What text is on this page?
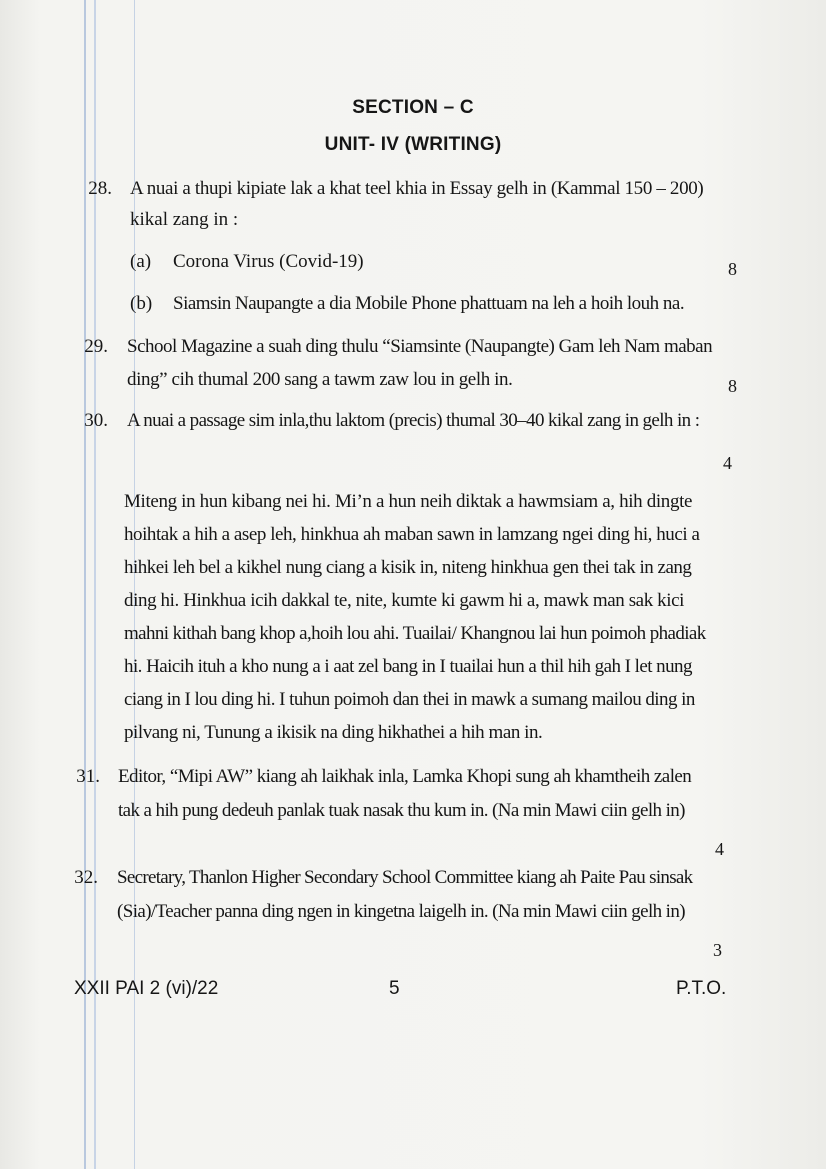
SECTION – C
UNIT- IV (WRITING)
28. A nuai a thupi kipiate lak a khat teel khia in Essay gelh in (Kammal 150 – 200)
kikal zang in :
(a) Corona Virus (Covid-19)	8
(b) Siamsin Naupangte a dia Mobile Phone phattuam na leh a hoih louh na.
29. School Magazine a suah ding thulu “Siamsinte (Naupangte) Gam leh Nam maban
ding” cih thumal 200 sang a tawm zaw lou in gelh in.	8
30. A nuai a passage sim inla,thu laktom (precis) thumal 30–40 kikal zang in gelh in :
4
Miteng in hun kibang nei hi. Mi’n a hun neih diktak a hawmsiam a, hih dingte
hoihtak a hih a asep leh, hinkhua ah maban sawn in lamzang ngei ding hi, huci a
hihkei leh bel a kikhel nung ciang a kisik in, niteng hinkhua gen thei tak in zang
ding hi. Hinkhua icih dakkal te, nite, kumte ki gawm hi a, mawk man sak kici
mahni kithah bang khop a,hoih lou ahi. Tuailai/ Khangnou lai hun poimoh phadiak
hi. Haicih ituh a kho nung a i aat zel bang in I tuailai hun a thil hih gah I let nung
ciang in I lou ding hi. I tuhun poimoh dan thei in mawk a sumang mailou ding in
pilvang ni, Tunung a ikisik na ding hikhathei a hih man in.
31. Editor, “Mipi AW” kiang ah laikhak inla, Lamka Khopi sung ah khamtheih zalen
tak a hih pung dedeuh panlak tuak nasak thu kum in. (Na min Mawi ciin gelh in)
4
32. Secretary, Thanlon Higher Secondary School Committee kiang ah Paite Pau sinsak
(Sia)/Teacher panna ding ngen in kingetna laigelh in. (Na min Mawi ciin gelh in)
3
XXII PAI 2 (vi)/22	5	P.T.O.
